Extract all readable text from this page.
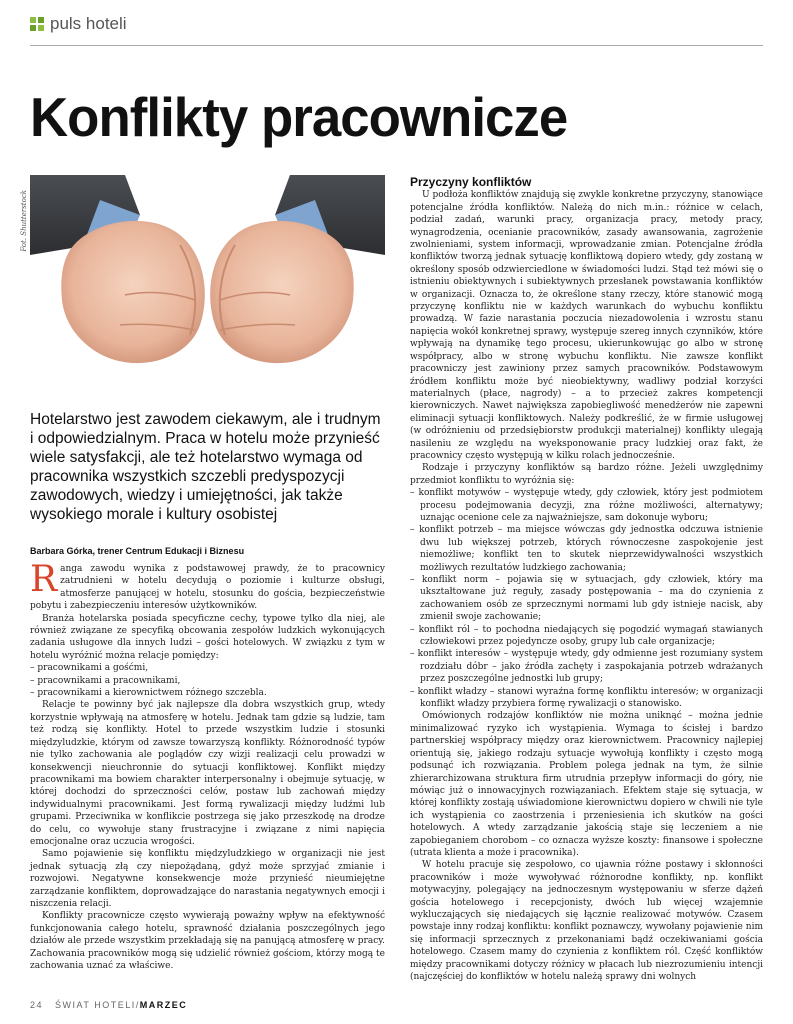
puls hoteli
Konflikty pracownicze
Fot. Shutterstock
Hotelarstwo jest zawodem ciekawym, ale i trudnym i odpowiedzialnym. Praca w hotelu może przynieść wiele satysfakcji, ale też hotelarstwo wymaga od pracownika wszystkich szczebli predyspozycji zawodowych, wiedzy i umiejętności, jak także wysokiego morale i kultury osobistej
Barbara Górka, trener Centrum Edukacji i Biznesu

Ranga zawodu wynika z podstawowej prawdy, że to pracownicy zatrudnieni w hotelu decydują o poziomie i kulturze obsługi, atmosferze panującej w hotelu, stosunku do gościa, bezpieczeństwie pobytu i zabezpieczeniu interesów użytkowników.

Branża hotelarska posiada specyficzne cechy, typowe tylko dla niej, ale również związane ze specyfiką obcowania zespołów ludzkich wykonujących zadania usługowe dla innych ludzi – gości hotelowych. W związku z tym w hotelu wyróżnić można relacje pomiędzy:

– pracownikami a gośćmi,
– pracownikami a pracownikami,
– pracownikami a kierownictwem różnego szczebla.

Relacje te powinny być jak najlepsze dla dobra wszystkich grup, wtedy korzystnie wpływają na atmosferę w hotelu. Jednak tam gdzie są ludzie, tam też rodzą się konflikty. Hotel to przede wszystkim ludzie i stosunki międzyludzkie, którym od zawsze towarzyszą konflikty. Różnorodność typów nie tylko zachowania ale poglądów czy wizji realizacji celu prowadzi w konsekwencji nieuchronnie do sytuacji konfliktowej. Konflikt między pracownikami ma bowiem charakter interpersonalny i obejmuje sytuację, w której dochodzi do sprzeczności celów, postaw lub zachowań między indywidualnymi pracownikami. Jest formą rywalizacji między ludźmi lub grupami. Przeciwnika w konflikcie postrzega się jako przeszkodę na drodze do celu, co wywołuje stany frustracyjne i związane z nimi napięcia emocjonalne oraz uczucia wrogości.

Samo pojawienie się konfliktu międzyludzkiego w organizacji nie jest jednak sytuacją złą czy niepożądaną, gdyż może sprzyjać zmianie i rozwojowi. Negatywne konsekwencje może przynieść nieumiejętne zarządzanie konfliktem, doprowadzające do narastania negatywnych emocji i niszczenia relacji.

Konflikty pracownicze często wywierają poważny wpływ na efektywność funkcjonowania całego hotelu, sprawność działania poszczególnych jego działów ale przede wszystkim przekładają się na panującą atmosferę w pracy. Zachowania pracowników mogą się udzielić również gościom, którzy mogą te zachowania uznać za właściwe.

Przyczyny konfliktów

U podłoża konfliktów znajdują się zwykle konkretne przyczyny, stanowiące potencjalne źródła konfliktów. Należą do nich m.in.: różnice w celach, podział zadań, warunki pracy, organizacja pracy, metody pracy, wynagrodzenia, ocenianie pracowników, zasady awansowania, zagrożenie zwolnieniami, system informacji, wprowadzanie zmian. Potencjalne źródła konfliktów tworzą jednak sytuację konfliktową dopiero wtedy, gdy zostaną w określony sposób odzwierciedlone w świadomości ludzi. Stąd też mówi się o istnieniu obiektywnych i subiektywnych przesłanek powstawania konfliktów w organizacji. Oznacza to, że określone stany rzeczy, które stanowić mogą przyczynę konfliktu nie w każdych warunkach do wybuchu konfliktu prowadzą. W fazie narastania poczucia niezadowolenia i wzrostu stanu napięcia wokół konkretnej sprawy, występuje szereg innych czynników, które wpływają na dynamikę tego procesu, ukierunkowując go albo w stronę współpracy, albo w stronę wybuchu konfliktu. Nie zawsze konflikt pracowniczy jest zawiniony przez samych pracowników. Podstawowym źródłem konfliktu może być nieobiektywny, wadliwy podział korzyści materialnych (płace, nagrody) – a to przecież zakres kompetencji kierowniczych. Nawet największa zapobiegliwość menedżerów nie zapewni eliminacji sytuacji konfliktowych. Należy podkreślić, że w firmie usługowej (w odróżnieniu od przedsiębiorstw produkcji materialnej) konflikty ulegają nasileniu ze względu na wyeksponowanie pracy ludzkiej oraz fakt, że pracownicy często występują w kilku rolach jednocześnie.

Rodzaje i przyczyny konfliktów są bardzo różne. Jeżeli uwzględnimy przedmiot konfliktu to wyróżnia się:

– konflikt motywów – występuje wtedy, gdy człowiek, który jest podmiotem procesu podejmowania decyzji, zna różne możliwości, alternatywy; uznając ocenione cele za najważniejsze, sam dokonuje wyboru;
– konflikt potrzeb – ma miejsce wówczas gdy jednostka odczuwa istnienie dwu lub większej potrzeb, których równoczesne zaspokojenie jest niemożliwe; konflikt ten to skutek nieprzewidywalności wszystkich możliwych rezultatów ludzkiego zachowania;
– konflikt norm – pojawia się w sytuacjach, gdy człowiek, który ma ukształtowane już reguły, zasady postępowania – ma do czynienia z zachowaniem osób ze sprzecznymi normami lub gdy istnieje nacisk, aby zmienił swoje zachowanie;
– konflikt ról – to pochodna niedających się pogodzić wymagań stawianych człowiekowi przez pojedyncze osoby, grupy lub całe organizacje;
– konflikt interesów – występuje wtedy, gdy odmienne jest rozumiany system rozdziału dóbr – jako źródła zachęty i zaspokajania potrzeb wdrażanych przez poszczególne jednostki lub grupy;
– konflikt władzy – stanowi wyraźna formę konfliktu interesów; w organizacji konflikt władzy przybiera formę rywalizacji o stanowisko.

Omówionych rodzajów konfliktów nie można uniknąć – można jednie minimalizować ryzyko ich wystąpienia. Wymaga to ścisłej i bardzo partnerskiej współpracy między oraz kierownictwem. Pracownicy najlepiej orientują się, jakiego rodzaju sytuacje wywołują konflikty i często mogą podsunąć ich rozwiązania. Problem polega jednak na tym, że silnie zhierarchizowana struktura firm utrudnia przepływ informacji do góry, nie mówiąc już o innowacyjnych rozwiązaniach. Efektem staje się sytuacja, w której konflikty zostają uświadomione kierownictwu dopiero w chwili nie tyle ich wystąpienia co zaostrzenia i przeniesienia ich skutków na gości hotelowych. A wtedy zarządzanie jakością staje się leczeniem a nie zapobieganiem chorobom – co oznacza wyższe koszty: finansowe i społeczne (utrata klienta a może i pracownika).

W hotelu pracuje się zespołowo, co ujawnia różne postawy i skłonności pracowników i może wywoływać różnorodne konflikty, np. konflikt motywacyjny, polegający na jednoczesnym występowaniu w sferze dążeń gościa hotelowego i recepcjonisty, dwóch lub więcej wzajemnie wykluczających się niedających się łącznie realizować motywów. Czasem powstaje inny rodzaj konfliktu: konflikt poznawczy, wywołany pojawienie nim się informacji sprzecznych z przekonaniami bądź oczekiwaniami gościa hotelowego. Czasem mamy do czynienia z konfliktem ról. Część konfliktów między pracownikami dotyczy różnicy w płacach lub niezrozumieniu intencji (najczęściej do konfliktów w hotelu należą sprawy dni wolnych

24 ŚWIAT HOTELI/MARZEC
